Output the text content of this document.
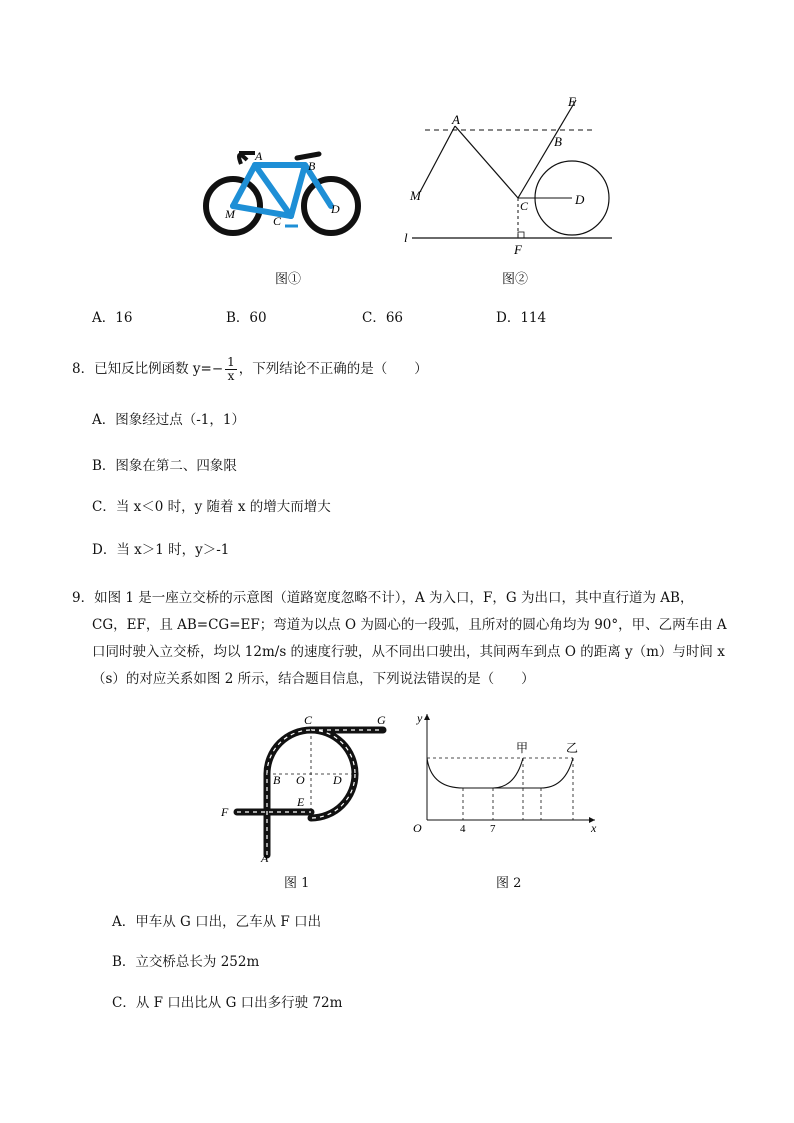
A
B
C
D
M
图①
A
B
C	D
E
F
M
l
图②
A．16	B．60	C．66	D．114
8．已知反比例函数 $y=- \frac{1}{x}$ ，下列结论不正确的是（　　）
A．图象经过点（-1，1）
B．图象在第二、四象限
C．当 x＜0 时，y 随着 x 的增大而增大
D．当 x＞1 时，y＞-1
9．如图 1 是一座立交桥的示意图（道路宽度忽略不计），A 为入口，F，G 为出口，其中直行道为 AB，
CG，EF，且 AB=CG=EF；弯道为以点 O 为圆心的一段弧，且所对的圆心角均为 90°，甲、乙两车由 A
口同时驶入立交桥，均以 12m/s 的速度行驶，从不同出口驶出，其间两车到点 O 的距离 y（m）与时间 x
（s）的对应关系如图 2 所示，结合题目信息，下列说法错误的是（　　）
C	G
B O D
E
F
A
图 1
y
x
O	4 7
甲	乙
图 2
A．甲车从 G 口出，乙车从 F 口出
B．立交桥总长为 252m
C．从 F 口出比从 G 口出多行驶 72m
